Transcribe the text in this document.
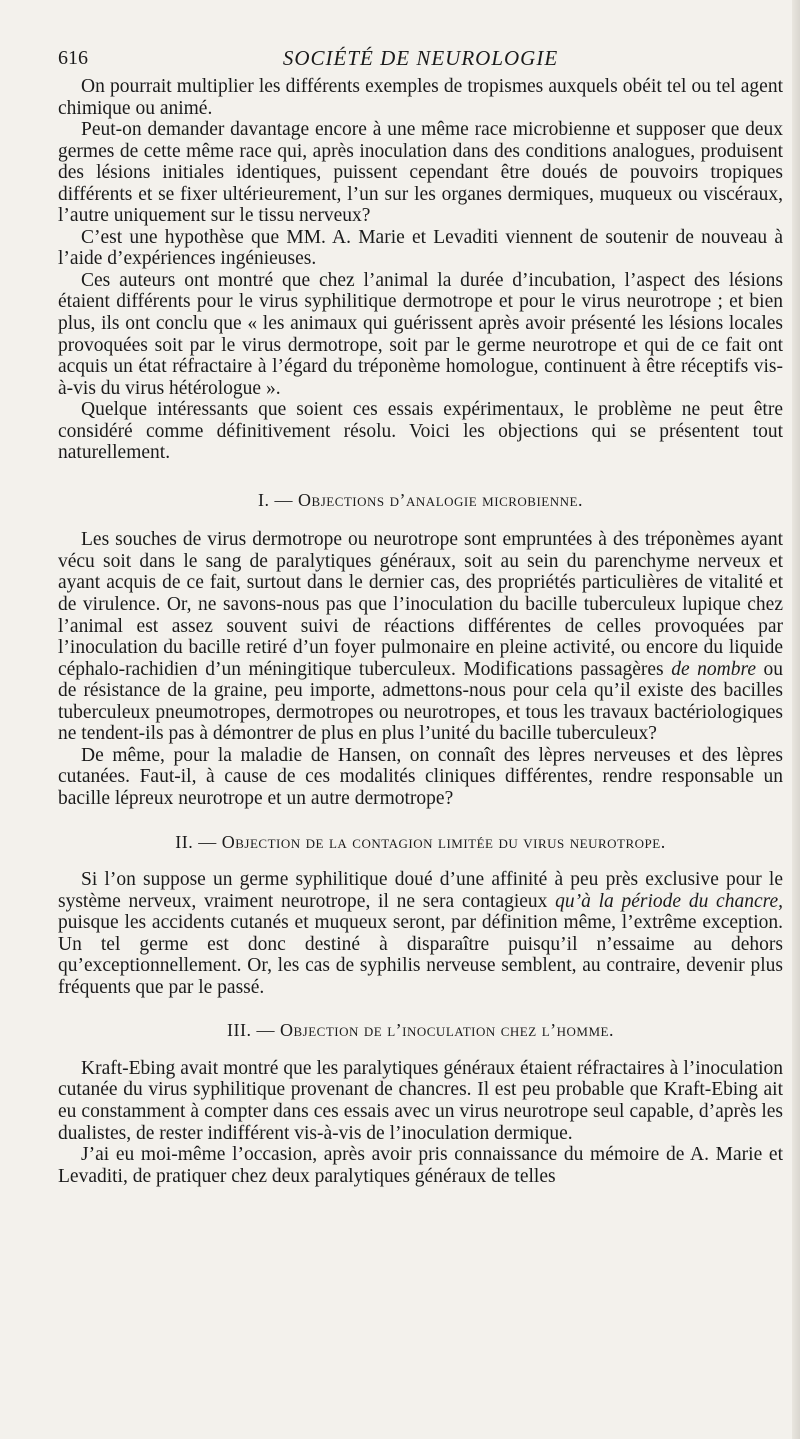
616	SOCIÉTÉ DE NEUROLOGIE

On pourrait multiplier les différents exemples de tropismes auxquels obéit tel ou tel agent chimique ou animé.

Peut-on demander davantage encore à une même race microbienne et supposer que deux germes de cette même race qui, après inoculation dans des conditions analogues, produisent des lésions initiales identiques, puissent cependant être doués de pouvoirs tropiques différents et se fixer ultérieurement, l’un sur les organes dermiques, muqueux ou viscéraux, l’autre uniquement sur le tissu nerveux?

C’est une hypothèse que MM. A. Marie et Levaditi viennent de soutenir de nouveau à l’aide d’expériences ingénieuses.

Ces auteurs ont montré que chez l’animal la durée d’incubation, l’aspect des lésions étaient différents pour le virus syphilitique dermotrope et pour le virus neurotrope ; et bien plus, ils ont conclu que « les animaux qui guérissent après avoir présenté les lésions locales provoquées soit par le virus dermotrope, soit par le germe neurotrope et qui de ce fait ont acquis un état réfractaire à l’égard du tréponème homologue, continuent à être réceptifs vis-à-vis du virus hétérologue ».

Quelque intéressants que soient ces essais expérimentaux, le problème ne peut être considéré comme définitivement résolu. Voici les objections qui se présentent tout naturellement.

I. — Objections d’analogie microbienne.

Les souches de virus dermotrope ou neurotrope sont empruntées à des tréponèmes ayant vécu soit dans le sang de paralytiques généraux, soit au sein du parenchyme nerveux et ayant acquis de ce fait, surtout dans le dernier cas, des propriétés particulières de vitalité et de virulence. Or, ne savons-nous pas que l’inoculation du bacille tuberculeux lupique chez l’animal est assez souvent suivi de réactions différentes de celles provoquées par l’inoculation du bacille retiré d’un foyer pulmonaire en pleine activité, ou encore du liquide céphalo-rachidien d’un méningitique tuberculeux. Modifications passagères de nombre ou de résistance de la graine, peu importe, admettons-nous pour cela qu’il existe des bacilles tuberculeux pneumotropes, dermotropes ou neurotropes, et tous les travaux bactériologiques ne tendent-ils pas à démontrer de plus en plus l’unité du bacille tuberculeux?

De même, pour la maladie de Hansen, on connaît des lèpres nerveuses et des lèpres cutanées. Faut-il, à cause de ces modalités cliniques différentes, rendre responsable un bacille lépreux neurotrope et un autre dermotrope?

II. — Objection de la contagion limitée du virus neurotrope.

Si l’on suppose un germe syphilitique doué d’une affinité à peu près exclusive pour le système nerveux, vraiment neurotrope, il ne sera contagieux qu’à la période du chancre, puisque les accidents cutanés et muqueux seront, par définition même, l’extrême exception. Un tel germe est donc destiné à disparaître puisqu’il n’essaime au dehors qu’exceptionnellement. Or, les cas de syphilis nerveuse semblent, au contraire, devenir plus fréquents que par le passé.

III. — Objection de l’inoculation chez l’homme.

Kraft-Ebing avait montré que les paralytiques généraux étaient réfractaires à l’inoculation cutanée du virus syphilitique provenant de chancres. Il est peu probable que Kraft-Ebing ait eu constamment à compter dans ces essais avec un virus neurotrope seul capable, d’après les dualistes, de rester indifférent vis-à-vis de l’inoculation dermique.

J’ai eu moi-même l’occasion, après avoir pris connaissance du mémoire de A. Marie et Levaditi, de pratiquer chez deux paralytiques généraux de telles
